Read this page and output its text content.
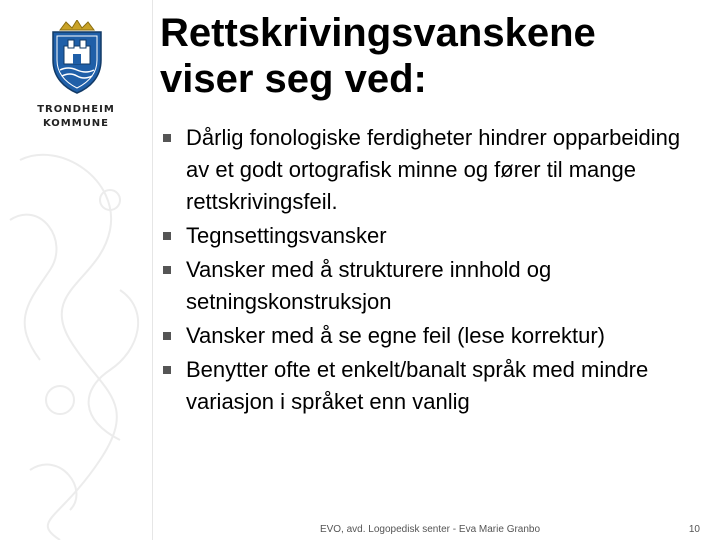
TRONDHEIM
KOMMUNE
Rettskrivingsvanskene viser seg ved:
Dårlig fonologiske ferdigheter hindrer opparbeiding av et godt ortografisk minne og fører til mange rettskrivingsfeil.
Tegnsettingsvansker
Vansker med å strukturere innhold og setningskonstruksjon
Vansker med å se egne feil (lese korrektur)
Benytter ofte et enkelt/banalt språk med mindre variasjon i språket enn vanlig
EVO, avd. Logopedisk senter - Eva Marie Granbo	10
